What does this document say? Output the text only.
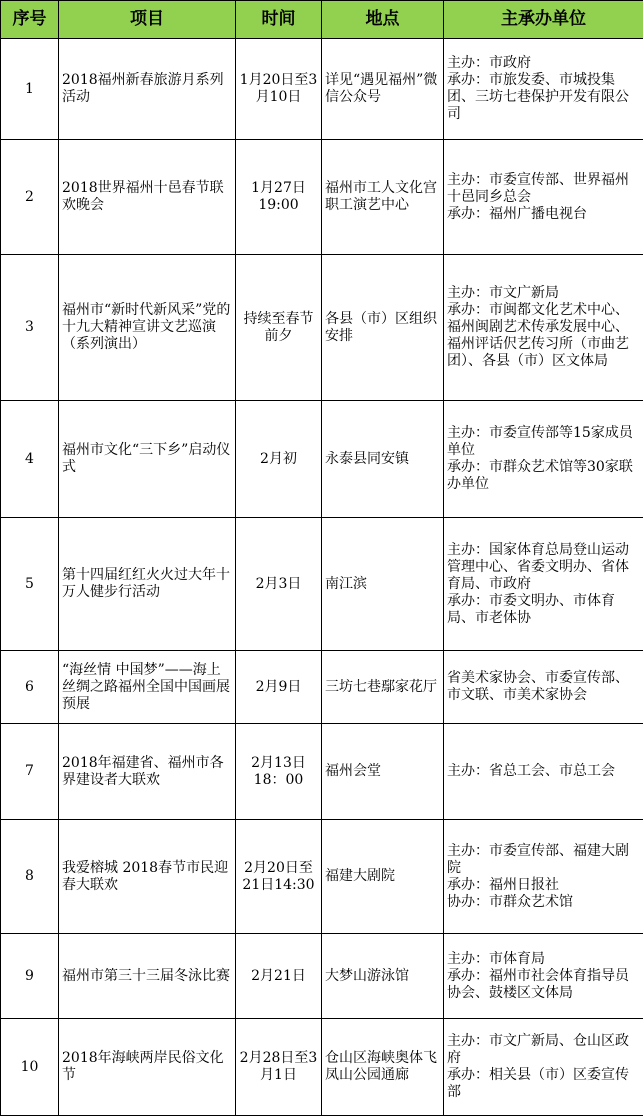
序号	项目	时间	地点	主承办单位
1	2018福州新春旅游月系列活动	1月20日至3月10日	详见“遇见福州”微信公众号	主办：市政府
承办：市旅发委、市城投集团、三坊七巷保护开发有限公司

2	2018世界福州十邑春节联欢晚会	1月27日 19:00	福州市工人文化宫职工演艺中心	主办：市委宣传部、世界福州十邑同乡总会
承办：福州广播电视台

3	福州市“新时代新风采”党的十九大精神宣讲文艺巡演（系列演出）	持续至春节前夕	各县（市）区组织安排	主办：市文广新局
承办：市闽都文化艺术中心、福州闽剧艺术传承发展中心、福州评话伬艺传习所（市曲艺团）、各县（市）区文体局

4	福州市文化“三下乡”启动仪式	2月初	永泰县同安镇	主办：市委宣传部等15家成员单位
承办：市群众艺术馆等30家联办单位

5	第十四届红红火火过大年十万人健步行活动	2月3日	南江滨	主办：国家体育总局登山运动管理中心、省委文明办、省体育局、市政府
承办：市委文明办、市体育局、市老体协

6	“海丝情 中国梦”——海上丝绸之路福州全国中国画展预展	2月9日	三坊七巷鄢家花厅	省美术家协会、市委宣传部、市文联、市美术家协会

7	2018年福建省、福州市各界建设者大联欢	2月13日 18：00	福州会堂	主办：省总工会、市总工会

8	我爱榕城 2018春节市民迎春大联欢	2月20日至21日14:30	福建大剧院	主办：市委宣传部、福建大剧院
承办：福州日报社
协办：市群众艺术馆

9	福州市第三十三届冬泳比赛	2月21日	大梦山游泳馆	主办：市体育局
承办：福州市社会体育指导员协会、鼓楼区文体局

10	2018年海峡两岸民俗文化节	2月28日至3月1日	仓山区海峡奥体飞凤山公园通廊	主办：市文广新局、仓山区政府
承办：相关县（市）区委宣传部
